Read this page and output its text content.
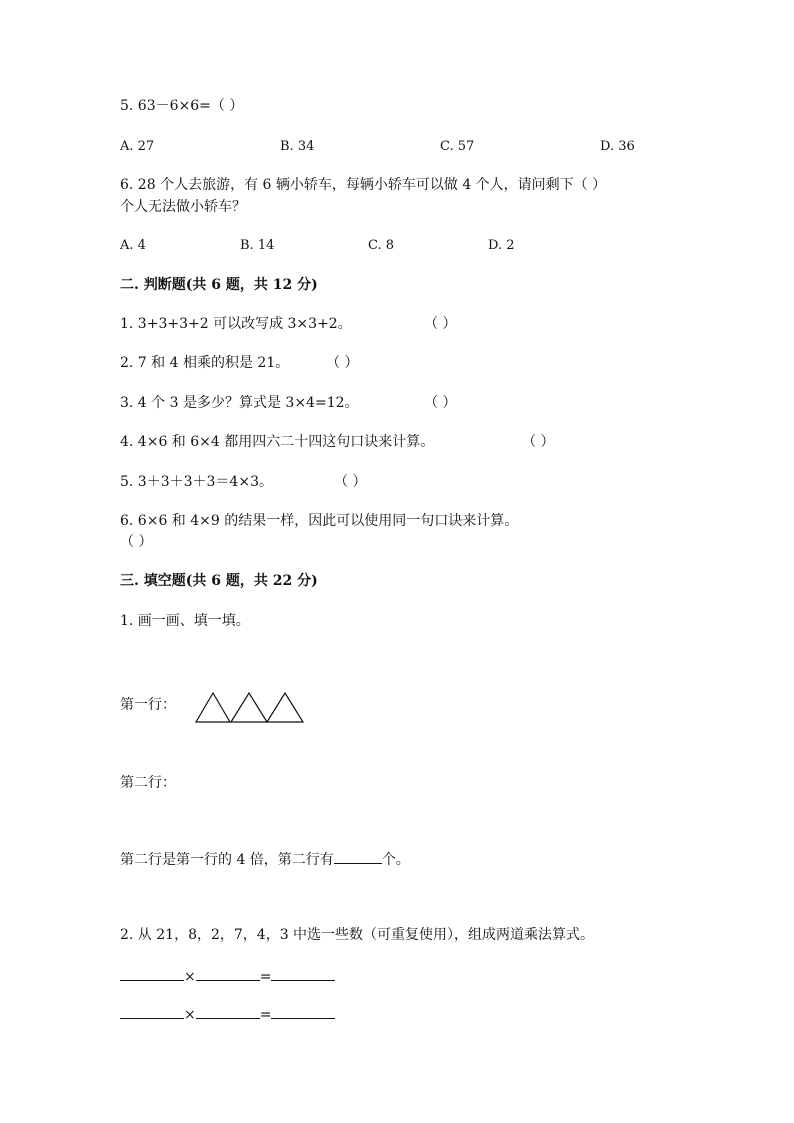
5. 63－6×6=（ ）
A. 27	B. 34	C. 57	D. 36
6. 28 个人去旅游，有 6 辆小轿车，每辆小轿车可以做 4 个人，请问剩下（ ）
个人无法做小轿车？
A. 4	B. 14	C. 8	D. 2
二. 判断题(共 6 题，共 12 分)
1. 3+3+3+2 可以改写成 3×3+2。	（ ）
2. 7 和 4 相乘的积是 21。	（ ）
3. 4 个 3 是多少？算式是 3×4=12。	（ ）
4. 4×6 和 6×4 都用四六二十四这句口诀来计算。	（ ）
5. 3＋3＋3＋3＝4×3。	（ ）
6. 6×6 和 4×9 的结果一样，因此可以使用同一句口诀来计算。
（ ）
三. 填空题(共 6 题，共 22 分)
1. 画一画、填一填。
第一行：
第二行：
第二行是第一行的 4 倍，第二行有	个。
2. 从 21，8，2，7，4，3 中选一些数（可重复使用），组成两道乘法算式。
×	=
×	=
